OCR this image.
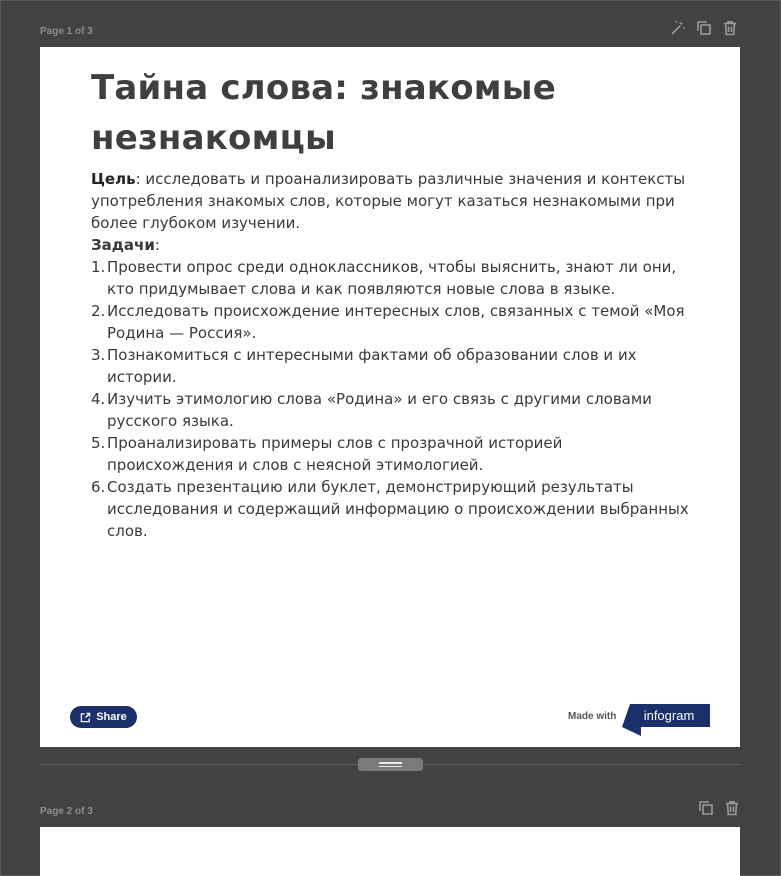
Page 1 of 3
Тайна слова: знакомые
незнакомцы
Цель: исследовать и проанализировать различные значения и контексты употребления знакомых слов, которые могут казаться незнакомыми при более глубоком изучении.
Задачи:
1. Провести опрос среди одноклассников, чтобы выяснить, знают ли они, кто придумывает слова и как появляются новые слова в языке.
2. Исследовать происхождение интересных слов, связанных с темой «Моя Родина — Россия».
3. Познакомиться с интересными фактами об образовании слов и их истории.
4. Изучить этимологию слова «Родина» и его связь с другими словами русского языка.
5. Проанализировать примеры слов с прозрачной историей происхождения и слов с неясной этимологией.
6. Создать презентацию или буклет, демонстрирующий результаты исследования и содержащий информацию о происхождении выбранных слов.
Share	Made with infogram
Page 2 of 3
